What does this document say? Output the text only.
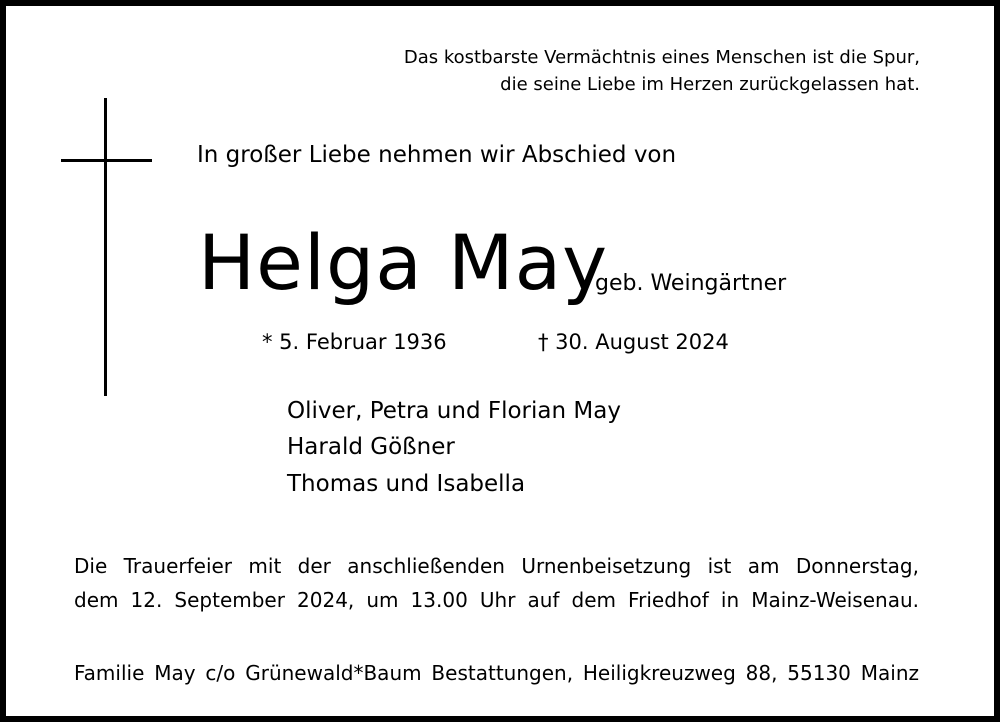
Das kostbarste Vermächtnis eines Menschen ist die Spur,
die seine Liebe im Herzen zurückgelassen hat.
In großer Liebe nehmen wir Abschied von
Helga May
geb. Weingärtner
* 5. Februar 1936	† 30. August 2024
Oliver, Petra und Florian May
Harald Gößner
Thomas und Isabella
Die Trauerfeier mit der anschließenden Urnenbeisetzung ist am Donnerstag,
dem 12. September 2024, um 13.00 Uhr auf dem Friedhof in Mainz-Weisenau.
Familie May c/o Grünewald*Baum Bestattungen, Heiligkreuzweg 88, 55130 Mainz
